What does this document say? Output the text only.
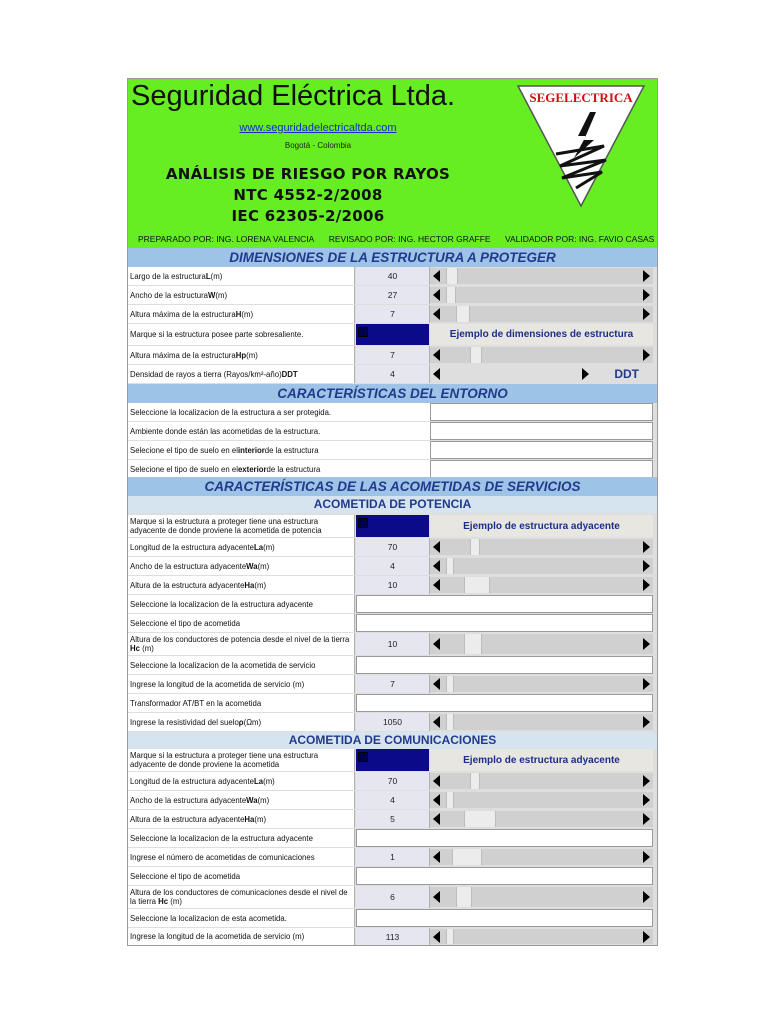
Seguridad Eléctrica Ltda.
www.seguridadelectricaltda.com
Bogotá - Colombia
ANÁLISIS DE RIESGO POR RAYOS
NTC 4552-2/2008
IEC 62305-2/2006
SEGELECTRICA
PREPARADO POR: ING. LORENA VALENCIA REVISADO POR: ING. HECTOR GRAFFE VALIDADOR POR: ING. FAVIO CASAS
DIMENSIONES DE LA ESTRUCTURA A PROTEGER
Largo de la estructura L (m)	40
Ancho de la estructura W (m)	27
Altura máxima de la estructura H (m)	7
Marque si la estructura posee parte sobresaliente.	Ejemplo de dimensiones de estructura
Altura máxima de la estructura Hp (m)	7
Densidad de rayos a tierra (Rayos/km²-año) DDT	4	DDT
CARACTERÍSTICAS DEL ENTORNO
Seleccione la localizacion de la estructura a ser protegida.
Ambiente donde están las acometidas de la estructura.
Selecione el tipo de suelo en el interior de la estructura
Selecione el tipo de suelo en el exterior de la estructura
CARACTERÍSTICAS DE LAS ACOMETIDAS DE SERVICIOS
ACOMETIDA DE POTENCIA
Marque si la estructura a proteger tiene una estructura adyacente de donde proviene la acometida de potencia	Ejemplo de estructura adyacente
Longitud de la estructura adyacente La (m)	70
Ancho de la estructura adyacente Wa (m)	4
Altura de la estructura adyacente Ha (m)	10
Seleccione la localizacion de la estructura adyacente
Seleccione el tipo de acometida
Altura de los conductores de potencia desde el nivel de la tierra Hc (m)	10
Seleccione la localizacion de la acometida de servicio
Ingrese la longitud de la acometida de servicio (m)	7
Transformador AT/BT en la acometida
Ingrese la resistividad del suelo ρ (Ωm)	1050
ACOMETIDA DE COMUNICACIONES
Marque si la estructura a proteger tiene una estructura adyacente de donde proviene la acometida	Ejemplo de estructura adyacente
Longitud de la estructura adyacente La (m)	70
Ancho de la estructura adyacente Wa (m)	4
Altura de la estructura adyacente Ha (m)	5
Seleccione la localizacion de la estructura adyacente
Ingrese el número de acometidas de comunicaciones	1
Seleccione el tipo de acometida
Altura de los conductores de comunicaciones desde el nivel de la tierra Hc (m)	6
Seleccione la localizacion de esta acometida.
Ingrese la longitud de la acometida de servicio (m)	113
